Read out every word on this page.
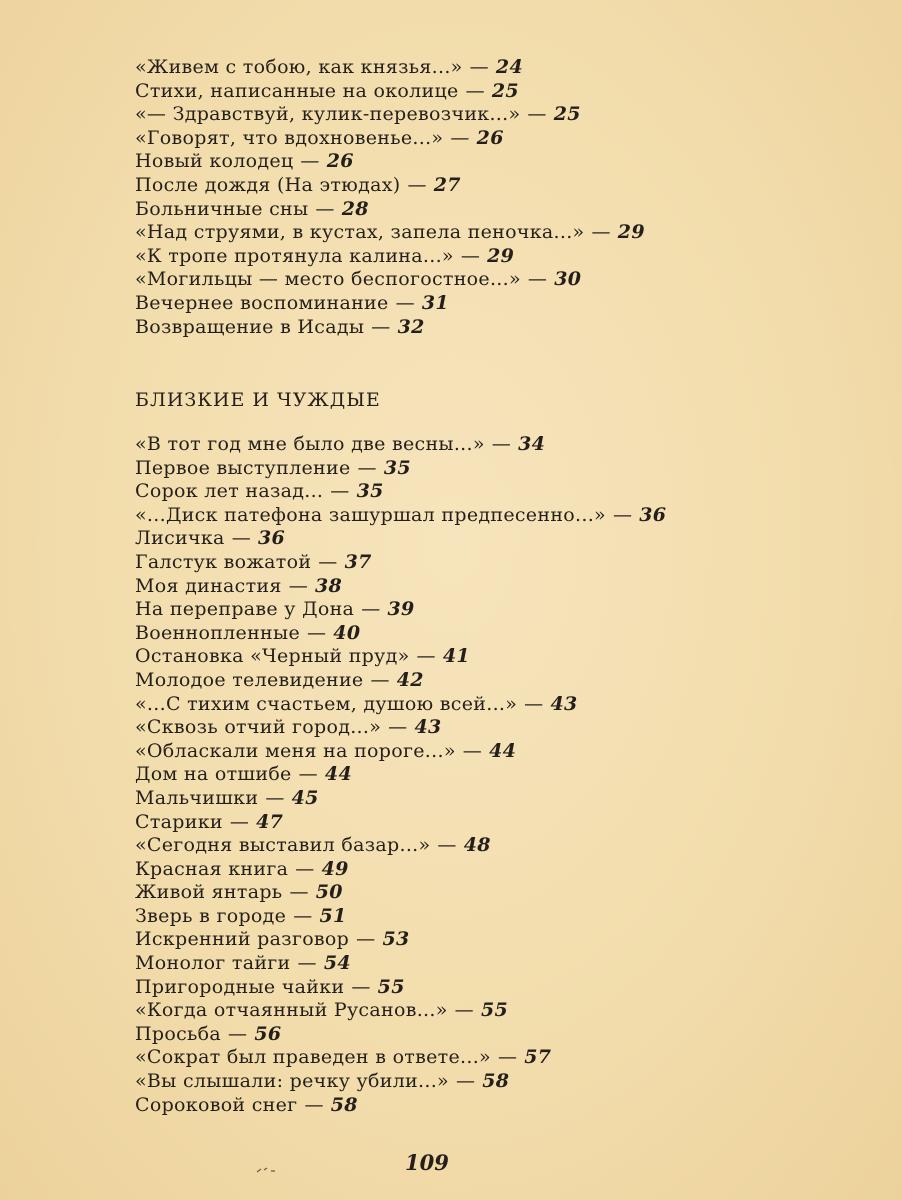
«Живем с тобою, как князья...» — 24
Стихи, написанные на околице — 25
«— Здравствуй, кулик-перевозчик...» — 25
«Говорят, что вдохновенье...» — 26
Новый колодец — 26
После дождя (На этюдах) — 27
Больничные сны — 28
«Над струями, в кустах, запела пеночка...» — 29
«К тропе протянула калина...» — 29
«Могильцы — место беспогостное...» — 30
Вечернее воспоминание — 31
Возвращение в Исады — 32
БЛИЗКИЕ И ЧУЖДЫЕ
«В тот год мне было две весны...» — 34
Первое выступление — 35
Сорок лет назад... — 35
«...Диск патефона зашуршал предпесенно...» — 36
Лисичка — 36
Галстук вожатой — 37
Моя династия — 38
На переправе у Дона — 39
Военнопленные — 40
Остановка «Черный пруд» — 41
Молодое телевидение — 42
«...С тихим счастьем, душою всей...» — 43
«Сквозь отчий город...» — 43
«Обласкали меня на пороге...» — 44
Дом на отшибе — 44
Мальчишки — 45
Старики — 47
«Сегодня выставил базар...» — 48
Красная книга — 49
Живой янтарь — 50
Зверь в городе — 51
Искренний разговор — 53
Монолог тайги — 54
Пригородные чайки — 55
«Когда отчаянный Русанов...» — 55
Просьба — 56
«Сократ был праведен в ответе...» — 57
«Вы слышали: речку убили...» — 58
Сороковой снег — 58
109
